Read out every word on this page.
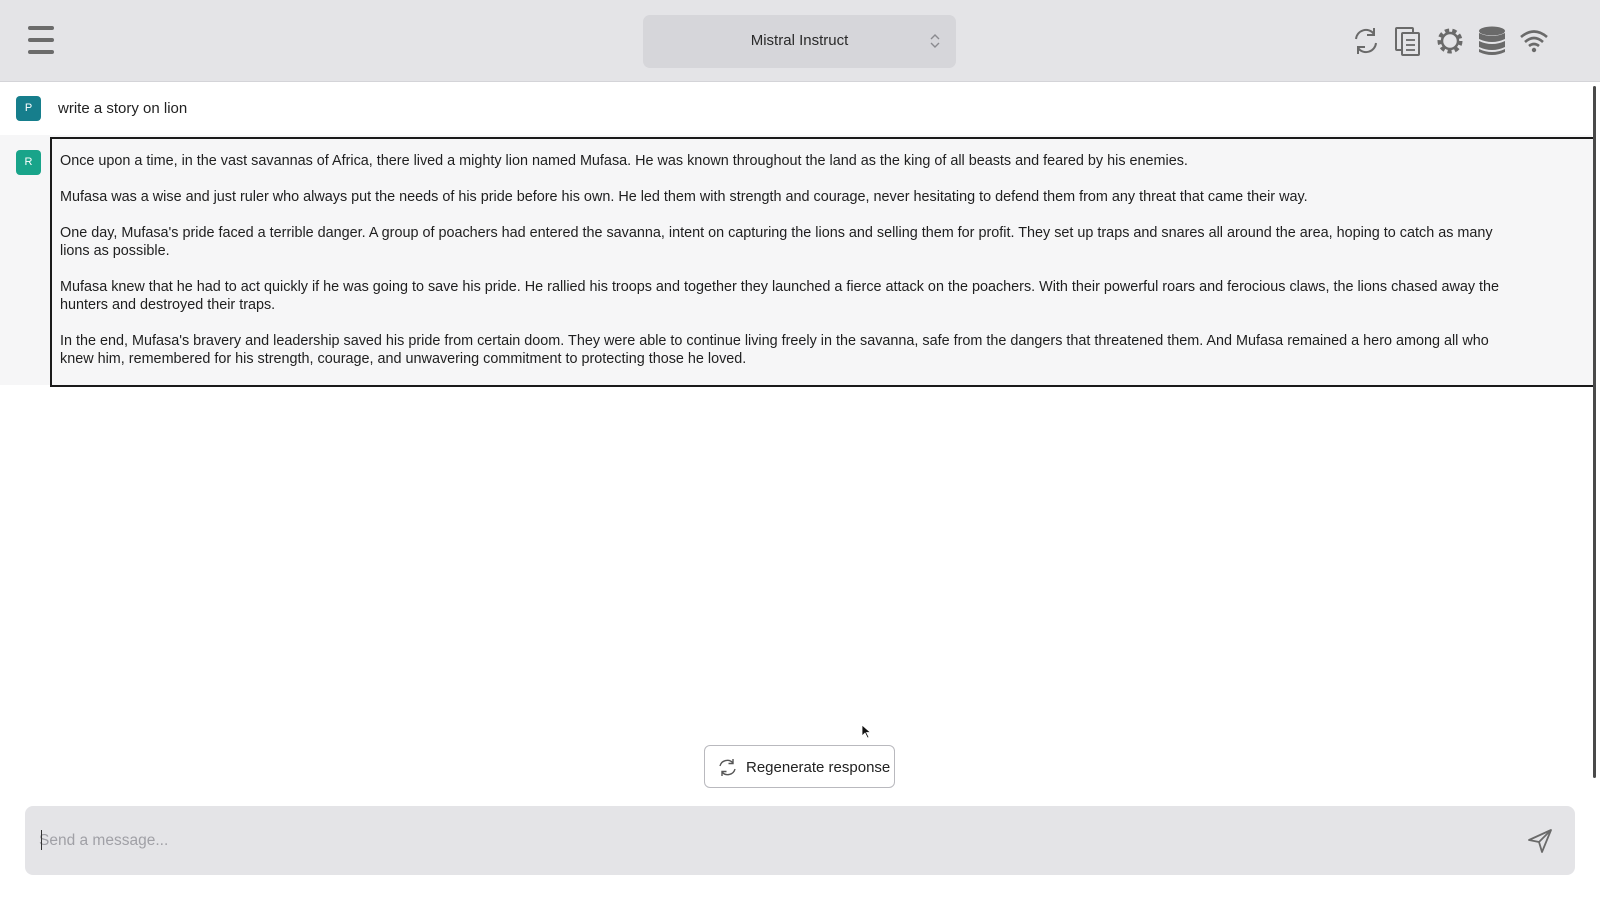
Mistral Instruct
P	write a story on lion
R	Once upon a time, in the vast savannas of Africa, there lived a mighty lion named Mufasa. He was known throughout the land as the king of all beasts and feared by his enemies.

Mufasa was a wise and just ruler who always put the needs of his pride before his own. He led them with strength and courage, never hesitating to defend them from any threat that came their way.

One day, Mufasa's pride faced a terrible danger. A group of poachers had entered the savanna, intent on capturing the lions and selling them for profit. They set up traps and snares all around the area, hoping to catch as many lions as possible.

Mufasa knew that he had to act quickly if he was going to save his pride. He rallied his troops and together they launched a fierce attack on the poachers. With their powerful roars and ferocious claws, the lions chased away the hunters and destroyed their traps.

In the end, Mufasa's bravery and leadership saved his pride from certain doom. They were able to continue living freely in the savanna, safe from the dangers that threatened them. And Mufasa remained a hero among all who knew him, remembered for his strength, courage, and unwavering commitment to protecting those he loved.

Regenerate response
Send a message...
